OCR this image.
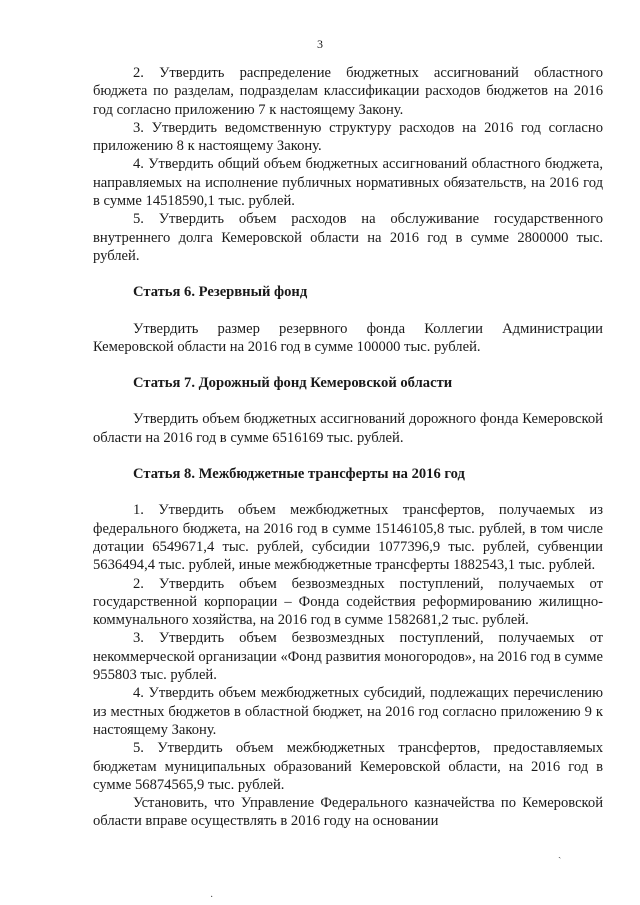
3

2. Утвердить распределение бюджетных ассигнований областного бюджета по разделам, подразделам классификации расходов бюджетов на 2016 год согласно приложению 7 к настоящему Закону.

3. Утвердить ведомственную структуру расходов на 2016 год согласно приложению 8 к настоящему Закону.

4. Утвердить общий объем бюджетных ассигнований областного бюджета, направляемых на исполнение публичных нормативных обязательств, на 2016 год в сумме 14518590,1 тыс. рублей.

5. Утвердить объем расходов на обслуживание государственного внутреннего долга Кемеровской области на 2016 год в сумме 2800000 тыс. рублей.

Статья 6. Резервный фонд

Утвердить размер резервного фонда Коллегии Администрации Кемеровской области на 2016 год в сумме 100000 тыс. рублей.

Статья 7. Дорожный фонд Кемеровской области

Утвердить объем бюджетных ассигнований дорожного фонда Кемеровской области на 2016 год в сумме 6516169 тыс. рублей.

Статья 8. Межбюджетные трансферты на 2016 год

1. Утвердить объем межбюджетных трансфертов, получаемых из федерального бюджета, на 2016 год в сумме 15146105,8 тыс. рублей, в том числе дотации 6549671,4 тыс. рублей, субсидии 1077396,9 тыс. рублей, субвенции 5636494,4 тыс. рублей, иные межбюджетные трансферты 1882543,1 тыс. рублей.

2. Утвердить объем безвозмездных поступлений, получаемых от государственной корпорации – Фонда содействия реформированию жилищно-коммунального хозяйства, на 2016 год в сумме 1582681,2 тыс. рублей.

3. Утвердить объем безвозмездных поступлений, получаемых от некоммерческой организации «Фонд развития моногородов», на 2016 год в сумме 955803 тыс. рублей.

4. Утвердить объем межбюджетных субсидий, подлежащих перечислению из местных бюджетов в областной бюджет, на 2016 год согласно приложению 9 к настоящему Закону.

5. Утвердить объем межбюджетных трансфертов, предоставляемых бюджетам муниципальных образований Кемеровской области, на 2016 год в сумме 56874565,9 тыс. рублей.

Установить, что Управление Федерального казначейства по Кемеровской области вправе осуществлять в 2016 году на основании

ˎ
·
